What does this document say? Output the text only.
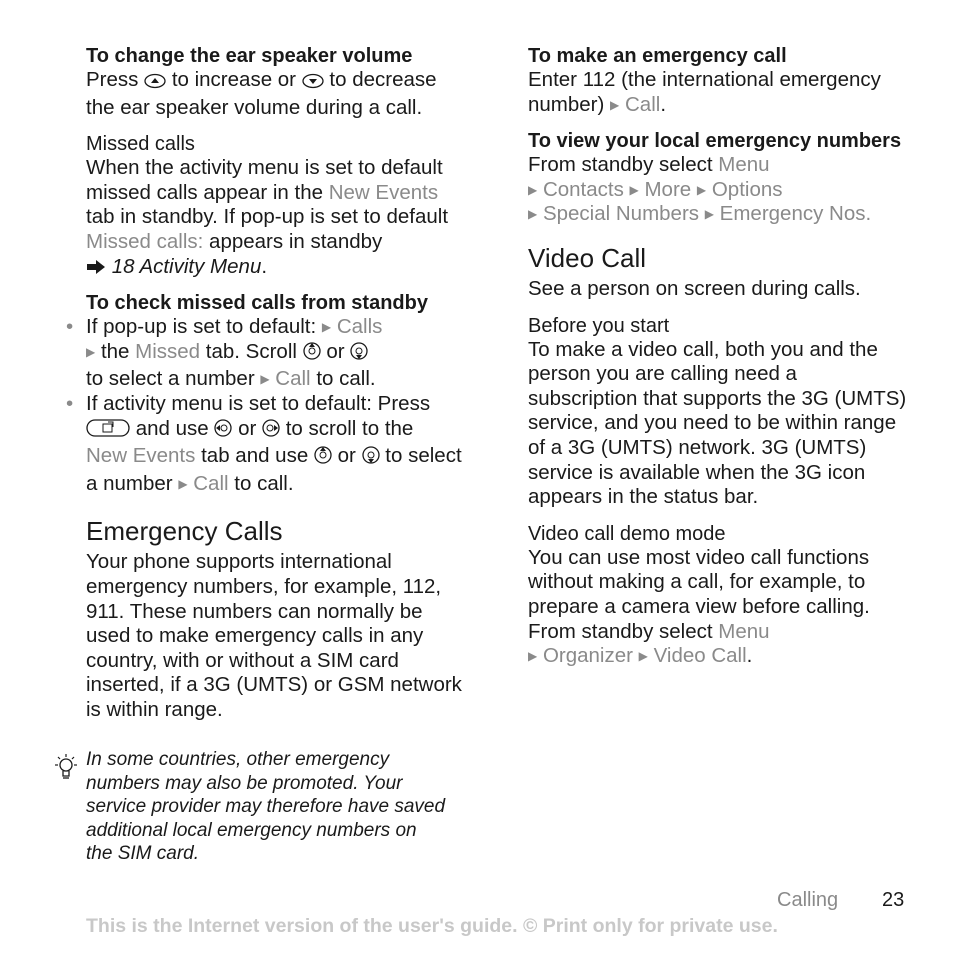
To change the ear speaker volume

Press to increase or to decrease the ear speaker volume during a call.

Missed calls

When the activity menu is set to default missed calls appear in the New Events tab in standby. If pop-up is set to default Missed calls: appears in standby
18 Activity Menu.

To check missed calls from standby
• If pop-up is set to default: ▶ Calls
▶ the Missed tab. Scroll or
to select a number ▶ Call to call.
• If activity menu is set to default: Press
and use or to scroll to the
New Events tab and use or to select a number ▶ Call to call.
Emergency Calls

Your phone supports international emergency numbers, for example, 112, 911. These numbers can normally be used to make emergency calls in any country, with or without a SIM card inserted, if a 3G (UMTS) or GSM network is within range.

In some countries, other emergency numbers may also be promoted. Your service provider may therefore have saved additional local emergency numbers on the SIM card.
To make an emergency call

Enter 112 (the international emergency number) ▶ Call.

To view your local emergency numbers

From standby select Menu
▶ Contacts ▶ More ▶ Options
▶ Special Numbers ▶ Emergency Nos.

Video Call

See a person on screen during calls.

Before you start

To make a video call, both you and the person you are calling need a subscription that supports the 3G (UMTS) service, and you need to be within range of a 3G (UMTS) network. 3G (UMTS) service is available when the 3G icon appears in the status bar.

Video call demo mode

You can use most video call functions without making a call, for example, to prepare a camera view before calling. From standby select Menu
▶ Organizer ▶ Video Call.

Calling 23
This is the Internet version of the user's guide. © Print only for private use.
